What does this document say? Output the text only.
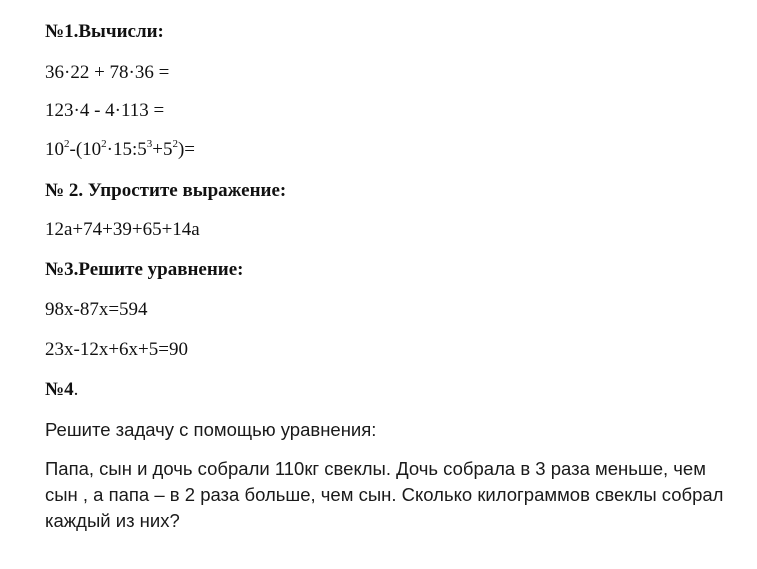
№1.Вычисли:
36·22 + 78·36 =
123·4 - 4·113 =
$10^2-(10^2\cdot 15:5^3+5^2)=$
№ 2. Упростите выражение:
12a+74+39+65+14a
№3.Решите уравнение:
98x-87x=594
23x-12x+6x+5=90
№4.
Решите задачу с помощью уравнения:
Папа, сын и дочь собрали 110кг свеклы. Дочь собрала в 3 раза меньше, чем
сын , а папа – в 2 раза больше, чем сын. Сколько килограммов свеклы собрал
каждый из них?
